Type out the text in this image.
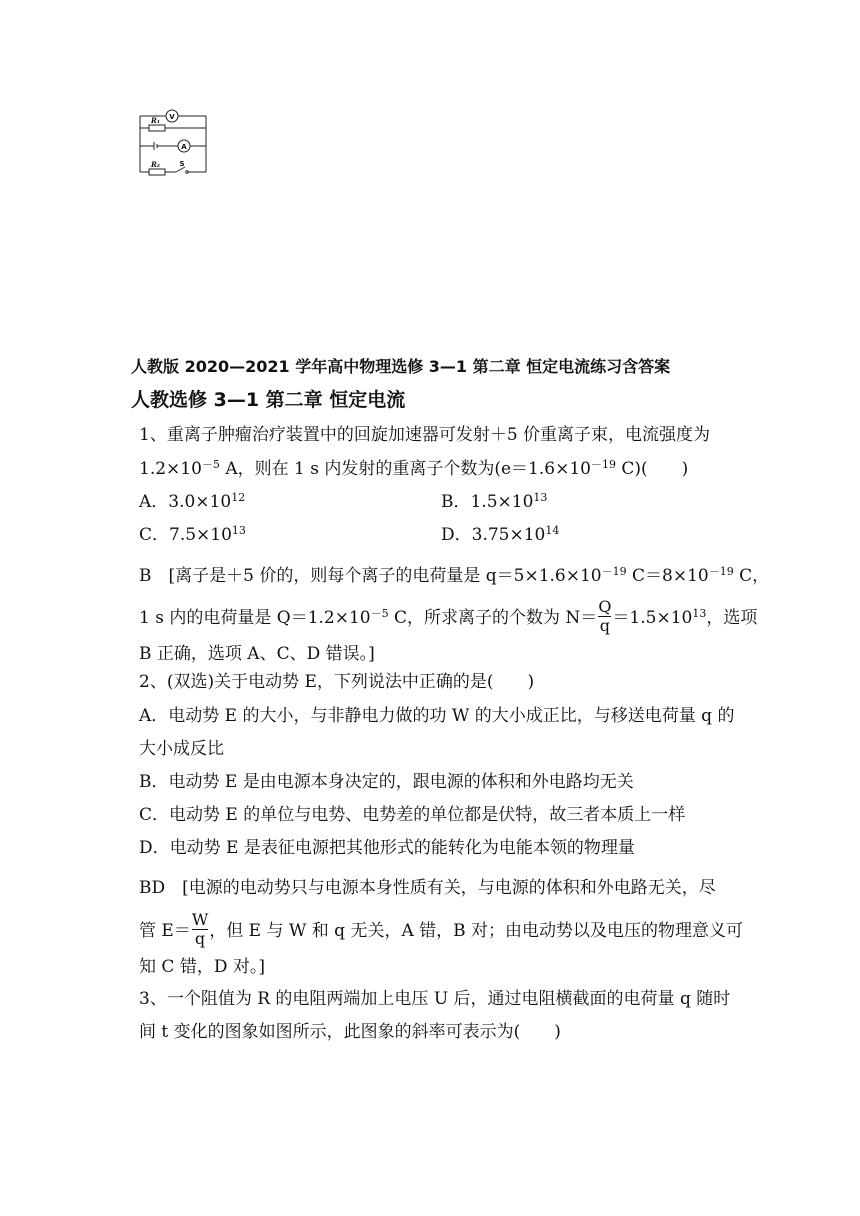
R₁
R₂
V
A
S
人教版 2020—2021 学年高中物理选修 3—1 第二章 恒定电流练习含答案
人教选修 3—1 第二章 恒定电流
1、重离子肿瘤治疗装置中的回旋加速器可发射＋5 价重离子束，电流强度为
$1.2\times 10^{-5}$ A，则在 1 s 内发射的重离子个数为($e=1.6\times 10^{-19}$ C)(　　)
A．$3.0\times 10^{12}$	B．$1.5\times 10^{13}$
C．$7.5\times 10^{13}$	D．$3.75\times 10^{14}$
B　[离子是＋5 价的，则每个离子的电荷量是 $q=5\times 1.6\times 10^{-19}$ $C=8\times 10^{-19}$ C，
1 s 内的电荷量是 $Q=1.2\times 10^{-5}$ C，所求离子的个数为 $N= \frac{Q}{q} =1.5\times 10^{13}$，选项
B 正确，选项 A、C、D 错误。]
2、(双选)关于电动势 E，下列说法中正确的是(　　)
A．电动势 E 的大小，与非静电力做的功 W 的大小成正比，与移送电荷量 q 的
大小成反比
B．电动势 E 是由电源本身决定的，跟电源的体积和外电路均无关
C．电动势 E 的单位与电势、电势差的单位都是伏特，故三者本质上一样
D．电动势 E 是表征电源把其他形式的能转化为电能本领的物理量
BD　[电源的电动势只与电源本身性质有关，与电源的体积和外电路无关，尽
管 $E= \frac{W}{q}$ ，但 E 与 W 和 q 无关，A 错，B 对；由电动势以及电压的物理意义可
知 C 错，D 对。]
3、一个阻值为 R 的电阻两端加上电压 U 后，通过电阻横截面的电荷量 q 随时
间 t 变化的图象如图所示，此图象的斜率可表示为(　　)
